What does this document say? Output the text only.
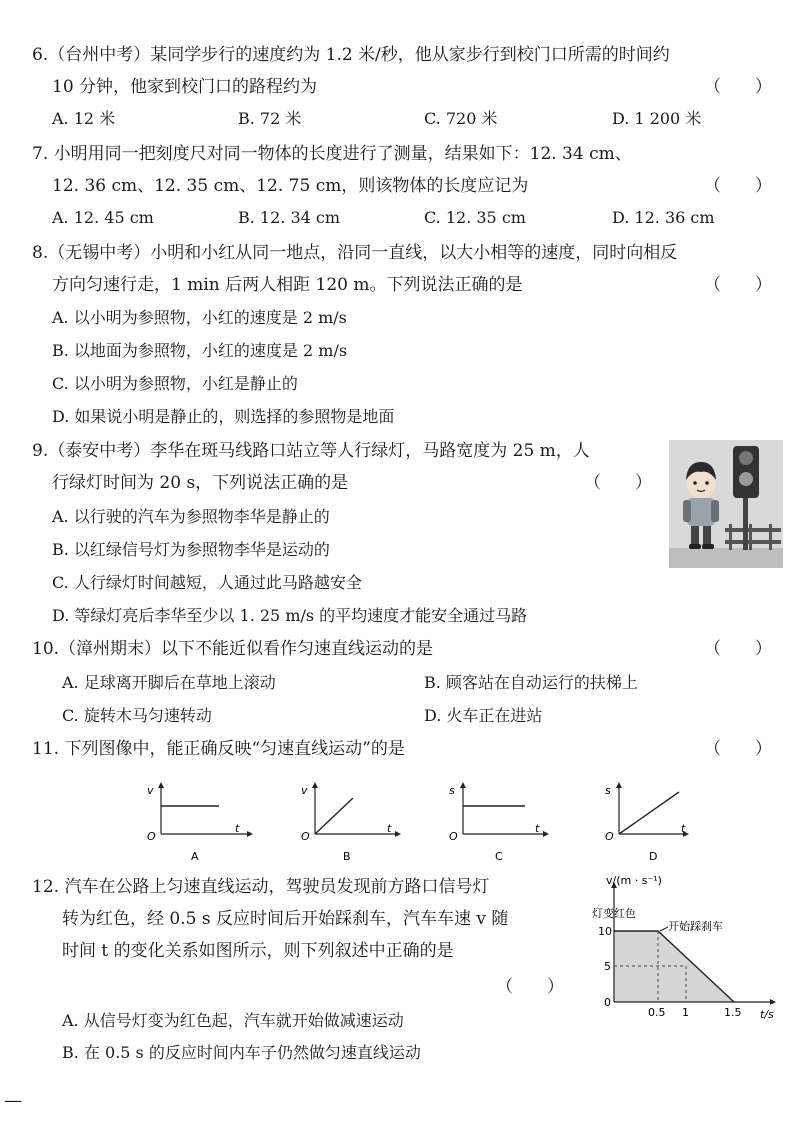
6.（台州中考）某同学步行的速度约为 1.2 米/秒，他从家步行到校门口所需的时间约
10 分钟，他家到校门口的路程约为	（　　）
A. 12 米	B. 72 米	C. 720 米	D. 1 200 米
7. 小明用同一把刻度尺对同一物体的长度进行了测量，结果如下：12. 34 cm、
12. 36 cm、12. 35 cm、12. 75 cm，则该物体的长度应记为	（　　）
A. 12. 45 cm	B. 12. 34 cm	C. 12. 35 cm	D. 12. 36 cm
8.（无锡中考）小明和小红从同一地点，沿同一直线，以大小相等的速度，同时向相反
方向匀速行走，1 min 后两人相距 120 m。下列说法正确的是	（　　）
A. 以小明为参照物，小红的速度是 2 m/s
B. 以地面为参照物，小红的速度是 2 m/s
C. 以小明为参照物，小红是静止的
D. 如果说小明是静止的，则选择的参照物是地面
9.（泰安中考）李华在斑马线路口站立等人行绿灯，马路宽度为 25 m，人
行绿灯时间为 20 s，下列说法正确的是	（　　）
A. 以行驶的汽车为参照物李华是静止的
B. 以红绿信号灯为参照物李华是运动的
C. 人行绿灯时间越短，人通过此马路越安全
D. 等绿灯亮后李华至少以 1. 25 m/s 的平均速度才能安全通过马路
10.（漳州期末）以下不能近似看作匀速直线运动的是	（　　）
A. 足球离开脚后在草地上滚动	B. 顾客站在自动运行的扶梯上
C. 旋转木马匀速转动	D. 火车正在进站
11. 下列图像中，能正确反映“匀速直线运动”的是	（　　）
v
O
t
A
v
O
t
B
s
O
t
C
s
O
t
D
12. 汽车在公路上匀速直线运动，驾驶员发现前方路口信号灯
转为红色，经 0.5 s 反应时间后开始踩刹车，汽车车速 v 随
时间 t 的变化关系如图所示，则下列叙述中正确的是
（　　）
A. 从信号灯变为红色起，汽车就开始做减速运动
B. 在 0.5 s 的反应时间内车子仍然做匀速直线运动
v/(m · s⁻¹)
t/s
10
5
0
0.5 1	1.5
灯变红色
开始踩刹车
—
